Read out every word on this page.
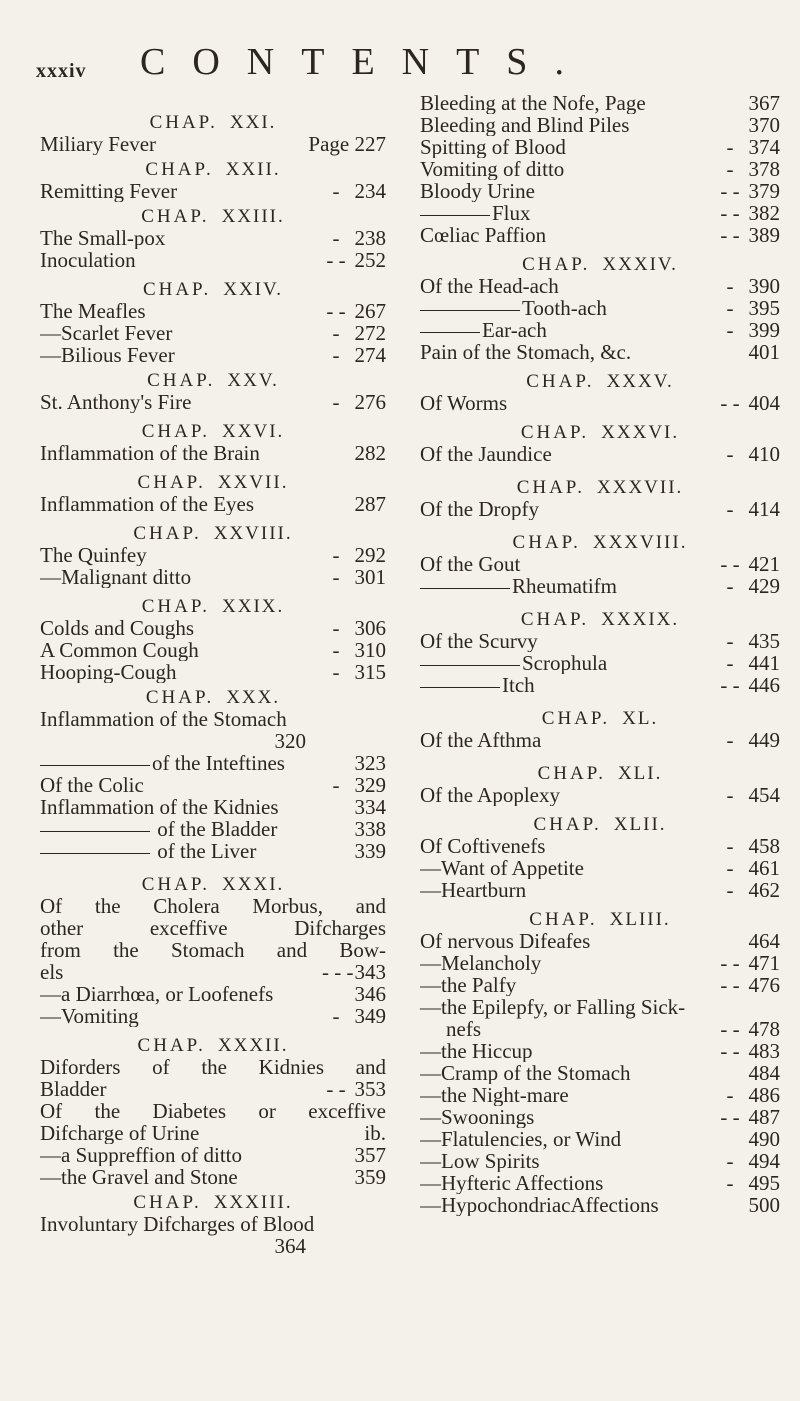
xxxiv CONTENTS.
CHAP. XXI.
Miliary Fever	Page 227
CHAP. XXII.
Remitting Fever	- 234
CHAP. XXIII.
The Small-pox	- 238
Inoculation	- - 252
CHAP. XXIV.
The Meafles	- - 267
—Scarlet Fever	- 272
—Bilious Fever	- 274
CHAP. XXV.
St. Anthony's Fire	- 276
CHAP. XXVI.
Inflammation of the Brain	282
CHAP. XXVII.
Inflammation of the Eyes	287
CHAP. XXVIII.
The Quinfey	- 292
—Malignant ditto	- 301
CHAP. XXIX.
Colds and Coughs	- 306
A Common Cough	- 310
Hooping-Cough	- 315
CHAP. XXX.
Inflammation of the Stomach
320
of the Inteftines	323
Of the Colic	- 329
Inflammation of the Kidnies	334
of the Bladder	338
of the Liver	339
CHAP. XXXI.
Of the Cholera Morbus, and
other exceffive Difcharges
from the Stomach and Bow-
els	- - - 343
—a Diarrhœa, or Loofenefs	346
—Vomiting	- 349
CHAP. XXXII.
Diforders of the Kidnies and
Bladder	- - 353
Of the Diabetes or exceffive
Difcharge of Urine	ib.
—a Suppreffion of ditto	357
—the Gravel and Stone	359
CHAP. XXXIII.
Involuntary Difcharges of Blood
364
Bleeding at the Nofe, Page	367
Bleeding and Blind Piles	370
Spitting of Blood	- 374
Vomiting of ditto	- 378
Bloody Urine	- - 379
Flux	- - 382
Cœliac Paffion	- - 389
CHAP. XXXIV.
Of the Head-ach	- 390
Tooth-ach	- 395
Ear-ach	- 399
Pain of the Stomach, &c.	401
CHAP. XXXV.
Of Worms	- - 404
CHAP. XXXVI.
Of the Jaundice	- 410
CHAP. XXXVII.
Of the Dropfy	- 414
CHAP. XXXVIII.
Of the Gout	- - 421
Rheumatifm	- 429
CHAP. XXXIX.
Of the Scurvy	- 435
Scrophula	- 441
Itch	- - 446
CHAP. XL.
Of the Afthma	- 449
CHAP. XLI.
Of the Apoplexy	- 454
CHAP. XLII.
Of Coftivenefs	- 458
—Want of Appetite	- 461
—Heartburn	- 462
CHAP. XLIII.
Of nervous Difeafes	464
—Melancholy	- - 471
—the Palfy	- - 476
—the Epilepfy, or Falling Sick-
nefs	- - 478
—the Hiccup	- - 483
—Cramp of the Stomach	484
—the Night-mare	- 486
—Swoonings	- - 487
—Flatulencies, or Wind	490
—Low Spirits	- 494
—Hyfteric Affections	- 495
—HypochondriacAffections	500
